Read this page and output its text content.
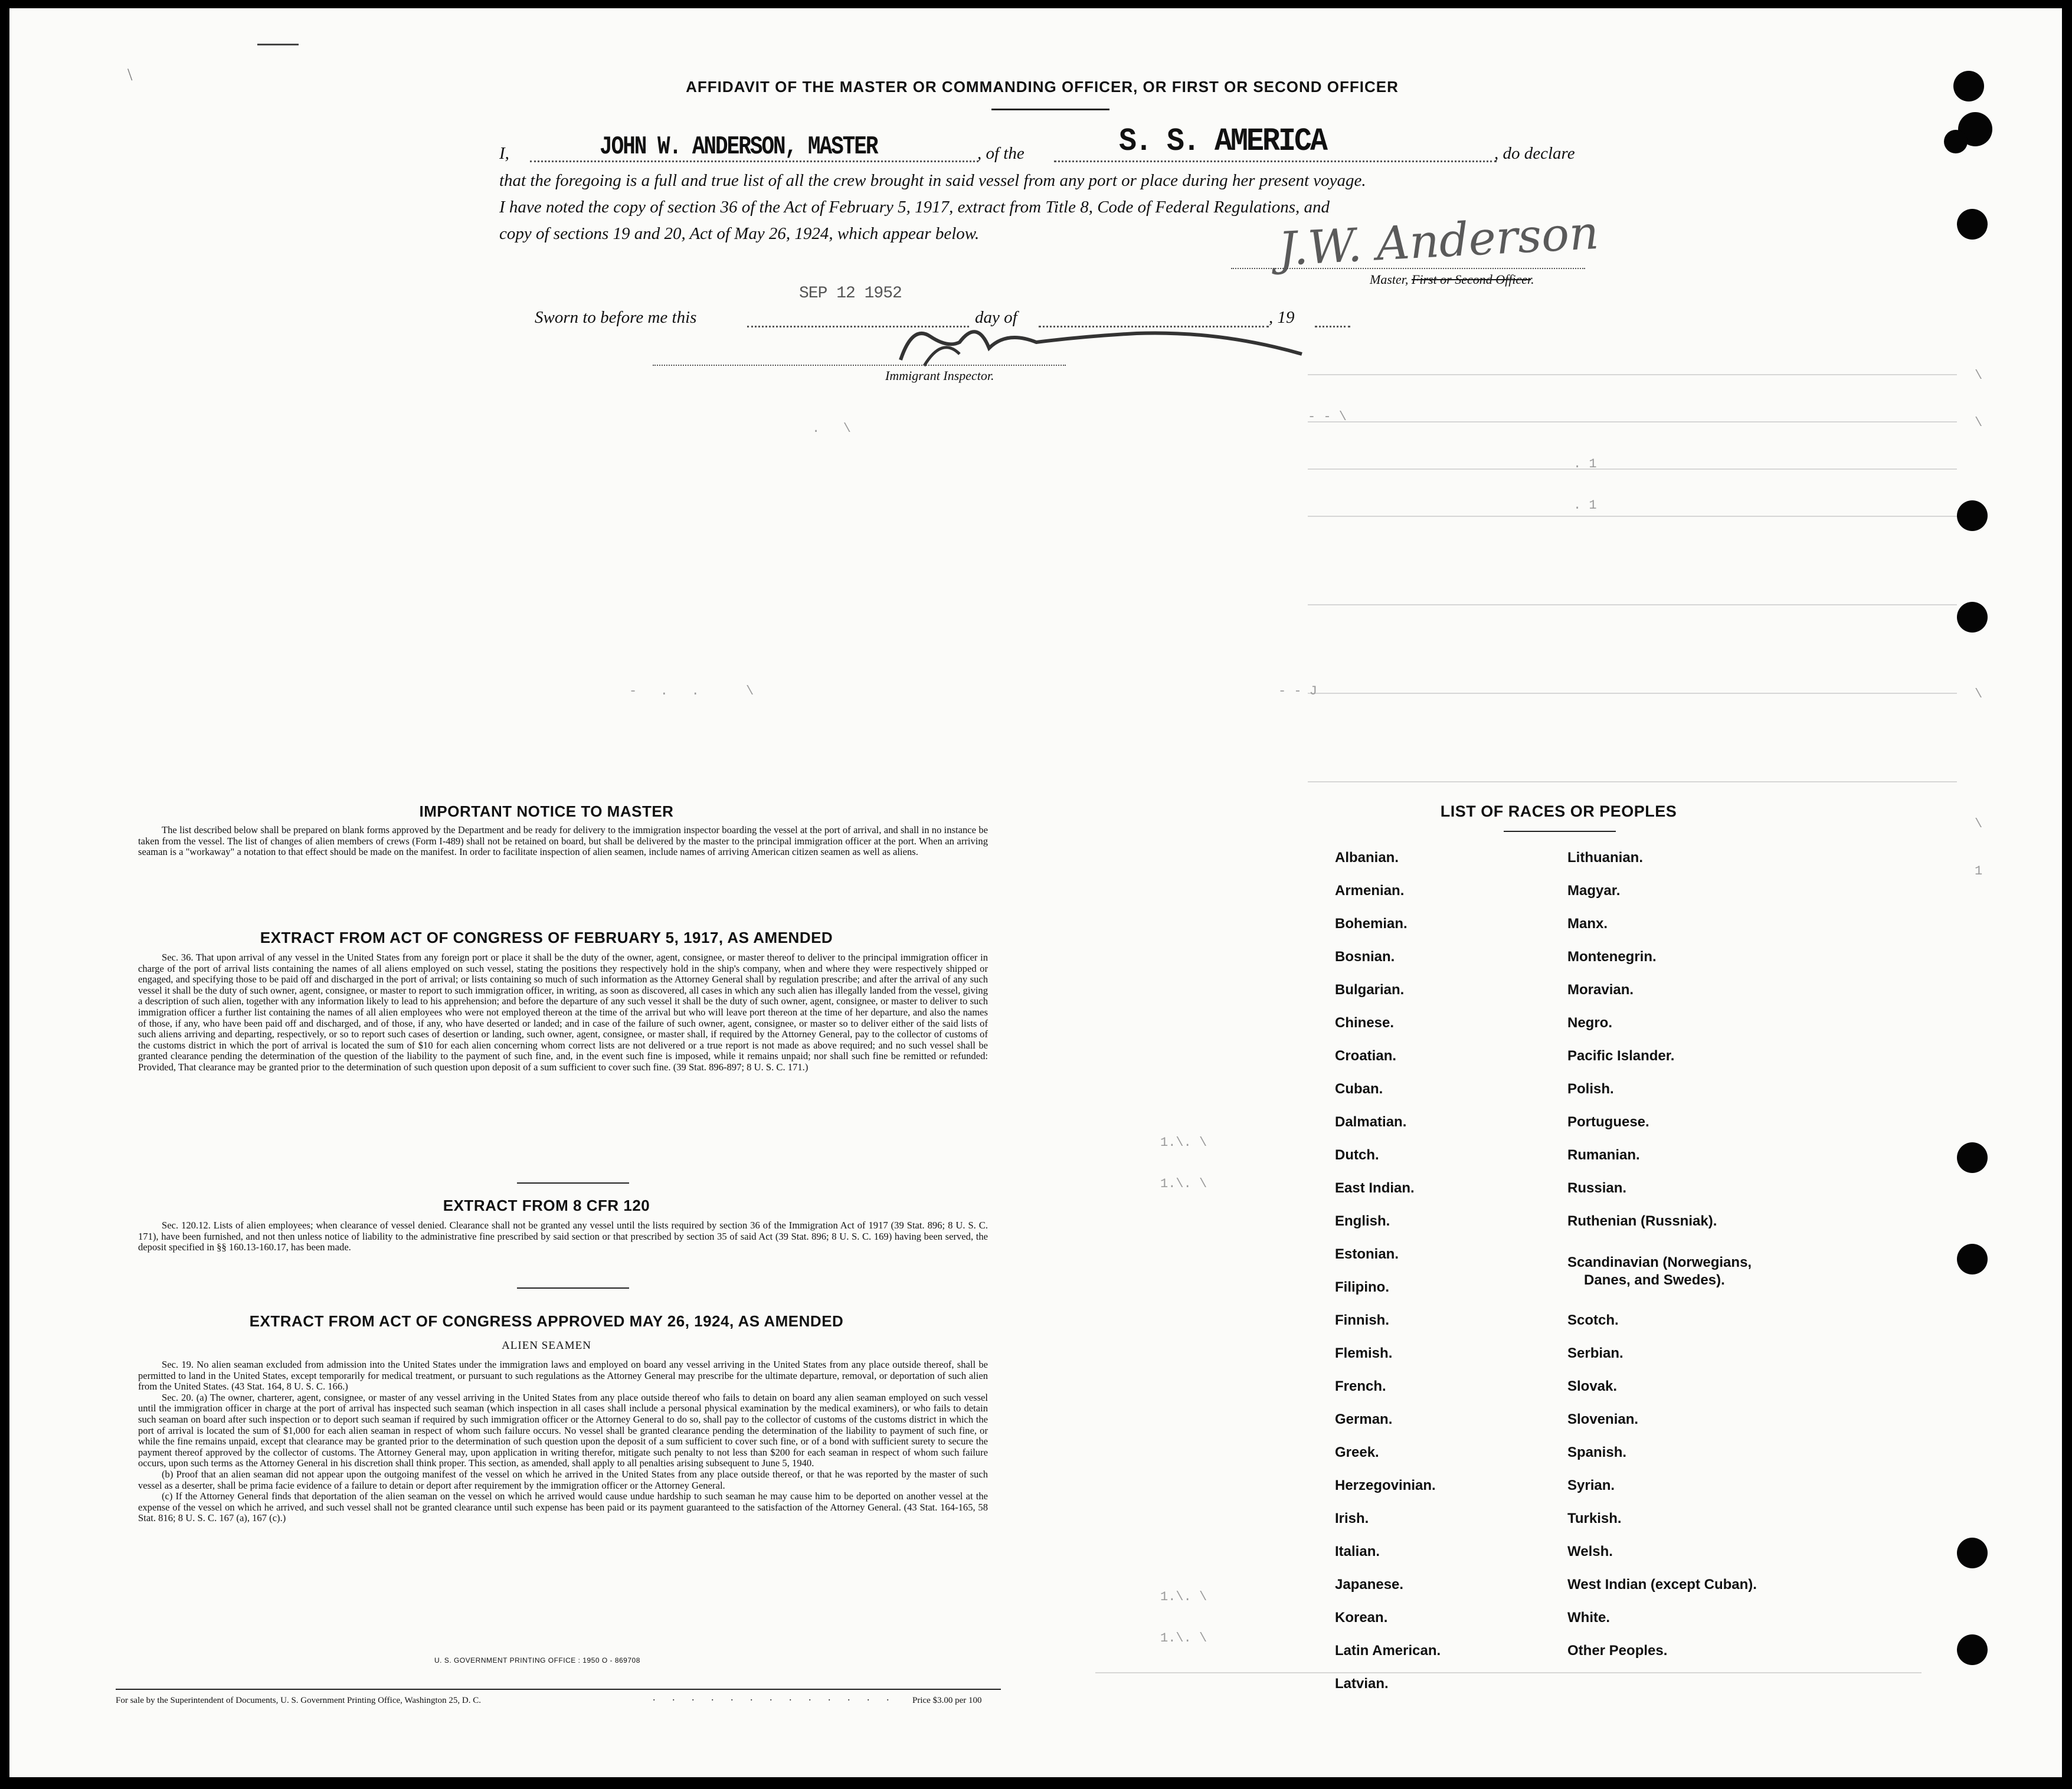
\
.   \
- - \
. 1
. 1
-   .   .      \	- - J
1.\. \
1.\. \
1.\. \
1.\. \
\
\
\
\
1
AFFIDAVIT OF THE MASTER OR COMMANDING OFFICER, OR FIRST OR SECOND OFFICER
I,	JOHN W. ANDERSON, MASTER	, of the	S. S. AMERICA	, do declare
that the foregoing is a full and true list of all the crew brought in said vessel from any port or place during her present voyage.
I have noted the copy of section 36 of the Act of February 5, 1917, extract from Title 8, Code of Federal Regulations, and
copy of sections 19 and 20, Act of May 26, 1924, which appear below.	J.W. Anderson
Master, First or Second Officer.
Sworn to before me this
SEP 12 1952
day of	, 19
Immigrant Inspector.
IMPORTANT NOTICE TO MASTER

The list described below shall be prepared on blank forms approved by the Department and be ready for delivery to the immigration inspector boarding the vessel at the port of arrival, and shall in no instance be taken from the vessel. The list of changes of alien members of crews (Form I-489) shall not be retained on board, but shall be delivered by the master to the principal immigration officer at the port. When an arriving seaman is a "workaway" a notation to that effect should be made on the manifest. In order to facilitate inspection of alien seamen, include names of arriving American citizen seamen as well as aliens.

EXTRACT FROM ACT OF CONGRESS OF FEBRUARY 5, 1917, AS AMENDED

Sec. 36. That upon arrival of any vessel in the United States from any foreign port or place it shall be the duty of the owner, agent, consignee, or master thereof to deliver to the principal immigration officer in charge of the port of arrival lists containing the names of all aliens employed on such vessel, stating the positions they respectively hold in the ship's company, when and where they were respectively shipped or engaged, and specifying those to be paid off and discharged in the port of arrival; or lists containing so much of such information as the Attorney General shall by regulation prescribe; and after the arrival of any such vessel it shall be the duty of such owner, agent, consignee, or master to report to such immigration officer, in writing, as soon as discovered, all cases in which any such alien has illegally landed from the vessel, giving a description of such alien, together with any information likely to lead to his apprehension; and before the departure of any such vessel it shall be the duty of such owner, agent, consignee, or master to deliver to such immigration officer a further list containing the names of all alien employees who were not employed thereon at the time of the arrival but who will leave port thereon at the time of her departure, and also the names of those, if any, who have been paid off and discharged, and of those, if any, who have deserted or landed; and in case of the failure of such owner, agent, consignee, or master so to deliver either of the said lists of such aliens arriving and departing, respectively, or so to report such cases of desertion or landing, such owner, agent, consignee, or master shall, if required by the Attorney General, pay to the collector of customs of the customs district in which the port of arrival is located the sum of $10 for each alien concerning whom correct lists are not delivered or a true report is not made as above required; and no such vessel shall be granted clearance pending the determination of the question of the liability to the payment of such fine, and, in the event such fine is imposed, while it remains unpaid; nor shall such fine be remitted or refunded: Provided, That clearance may be granted prior to the determination of such question upon deposit of a sum sufficient to cover such fine. (39 Stat. 896-897; 8 U. S. C. 171.)

EXTRACT FROM 8 CFR 120

Sec. 120.12. Lists of alien employees; when clearance of vessel denied. Clearance shall not be granted any vessel until the lists required by section 36 of the Immigration Act of 1917 (39 Stat. 896; 8 U. S. C. 171), have been furnished, and not then unless notice of liability to the administrative fine prescribed by said section or that prescribed by section 35 of said Act (39 Stat. 896; 8 U. S. C. 169) having been served, the deposit specified in §§ 160.13-160.17, has been made.

EXTRACT FROM ACT OF CONGRESS APPROVED MAY 26, 1924, AS AMENDED
ALIEN SEAMEN

Sec. 19. No alien seaman excluded from admission into the United States under the immigration laws and employed on board any vessel arriving in the United States from any place outside thereof, shall be permitted to land in the United States, except temporarily for medical treatment, or pursuant to such regulations as the Attorney General may prescribe for the ultimate departure, removal, or deportation of such alien from the United States. (43 Stat. 164, 8 U. S. C. 166.)

Sec. 20. (a) The owner, charterer, agent, consignee, or master of any vessel arriving in the United States from any place outside thereof who fails to detain on board any alien seaman employed on such vessel until the immigration officer in charge at the port of arrival has inspected such seaman (which inspection in all cases shall include a personal physical examination by the medical examiners), or who fails to detain such seaman on board after such inspection or to deport such seaman if required by such immigration officer or the Attorney General to do so, shall pay to the collector of customs of the customs district in which the port of arrival is located the sum of $1,000 for each alien seaman in respect of whom such failure occurs. No vessel shall be granted clearance pending the determination of the liability to payment of such fine, or while the fine remains unpaid, except that clearance may be granted prior to the determination of such question upon the deposit of a sum sufficient to cover such fine, or of a bond with sufficient surety to secure the payment thereof approved by the collector of customs. The Attorney General may, upon application in writing therefor, mitigate such penalty to not less than $200 for each seaman in respect of whom such failure occurs, upon such terms as the Attorney General in his discretion shall think proper. This section, as amended, shall apply to all penalties arising subsequent to June 5, 1940.

(b) Proof that an alien seaman did not appear upon the outgoing manifest of the vessel on which he arrived in the United States from any place outside thereof, or that he was reported by the master of such vessel as a deserter, shall be prima facie evidence of a failure to detain or deport after requirement by the immigration officer or the Attorney General.

(c) If the Attorney General finds that deportation of the alien seaman on the vessel on which he arrived would cause undue hardship to such seaman he may cause him to be deported on another vessel at the expense of the vessel on which he arrived, and such vessel shall not be granted clearance until such expense has been paid or its payment guaranteed to the satisfaction of the Attorney General. (43 Stat. 164-165, 58 Stat. 816; 8 U. S. C. 167 (a), 167 (c).)

U. S. GOVERNMENT PRINTING OFFICE : 1950 O - 869708
For sale by the Superintendent of Documents, U. S. Government Printing Office, Washington 25, D. C.	. . . . . . . . . . . . . Price $3.00 per 100
LIST OF RACES OR PEOPLES
Albanian.
Armenian.
Bohemian.
Bosnian.
Bulgarian.
Chinese.
Croatian.
Cuban.
Dalmatian.
Dutch.
East Indian.
English.
Estonian.
Filipino.
Finnish.
Flemish.
French.
German.
Greek.
Herzegovinian.
Irish.
Italian.
Japanese.
Korean.
Latin American.
Latvian.
Lithuanian.
Magyar.
Manx.
Montenegrin.
Moravian.
Negro.
Pacific Islander.
Polish.
Portuguese.
Rumanian.
Russian.
Ruthenian (Russniak).
Scandinavian (Norwegians,
Danes, and Swedes).
Scotch.
Serbian.
Slovak.
Slovenian.
Spanish.
Syrian.
Turkish.
Welsh.
West Indian (except Cuban).
White.
Other Peoples.
